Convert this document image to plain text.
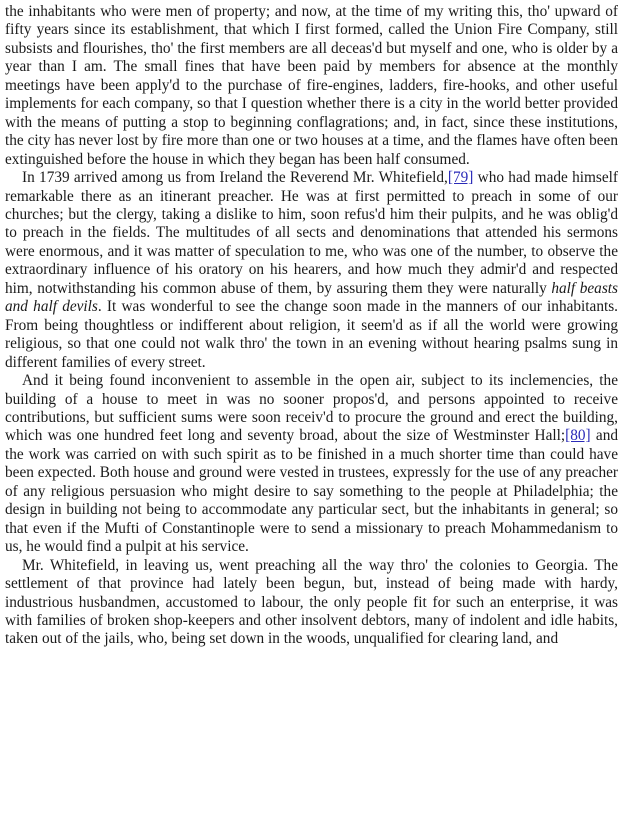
the inhabitants who were men of property; and now, at the time of my writing this, tho' upward of fifty years since its establishment, that which I first formed, called the Union Fire Company, still subsists and flourishes, tho' the first members are all deceas'd but myself and one, who is older by a year than I am. The small fines that have been paid by members for absence at the monthly meetings have been apply'd to the purchase of fire-engines, ladders, fire-hooks, and other useful implements for each company, so that I question whether there is a city in the world better provided with the means of putting a stop to beginning conflagrations; and, in fact, since these institutions, the city has never lost by fire more than one or two houses at a time, and the flames have often been extinguished before the house in which they began has been half consumed.

In 1739 arrived among us from Ireland the Reverend Mr. Whitefield,[79] who had made himself remarkable there as an itinerant preacher. He was at first permitted to preach in some of our churches; but the clergy, taking a dislike to him, soon refus'd him their pulpits, and he was oblig'd to preach in the fields. The multitudes of all sects and denominations that attended his sermons were enormous, and it was matter of speculation to me, who was one of the number, to observe the extraordinary influence of his oratory on his hearers, and how much they admir'd and respected him, notwithstanding his common abuse of them, by assuring them they were naturally half beasts and half devils. It was wonderful to see the change soon made in the manners of our inhabitants. From being thoughtless or indifferent about religion, it seem'd as if all the world were growing religious, so that one could not walk thro' the town in an evening without hearing psalms sung in different families of every street.

And it being found inconvenient to assemble in the open air, subject to its inclemencies, the building of a house to meet in was no sooner propos'd, and persons appointed to receive contributions, but sufficient sums were soon receiv'd to procure the ground and erect the building, which was one hundred feet long and seventy broad, about the size of Westminster Hall;[80] and the work was carried on with such spirit as to be finished in a much shorter time than could have been expected. Both house and ground were vested in trustees, expressly for the use of any preacher of any religious persuasion who might desire to say something to the people at Philadelphia; the design in building not being to accommodate any particular sect, but the inhabitants in general; so that even if the Mufti of Constantinople were to send a missionary to preach Mohammedanism to us, he would find a pulpit at his service.

Mr. Whitefield, in leaving us, went preaching all the way thro' the colonies to Georgia. The settlement of that province had lately been begun, but, instead of being made with hardy, industrious husbandmen, accustomed to labour, the only people fit for such an enterprise, it was with families of broken shop-keepers and other insolvent debtors, many of indolent and idle habits, taken out of the jails, who, being set down in the woods, unqualified for clearing land, and
